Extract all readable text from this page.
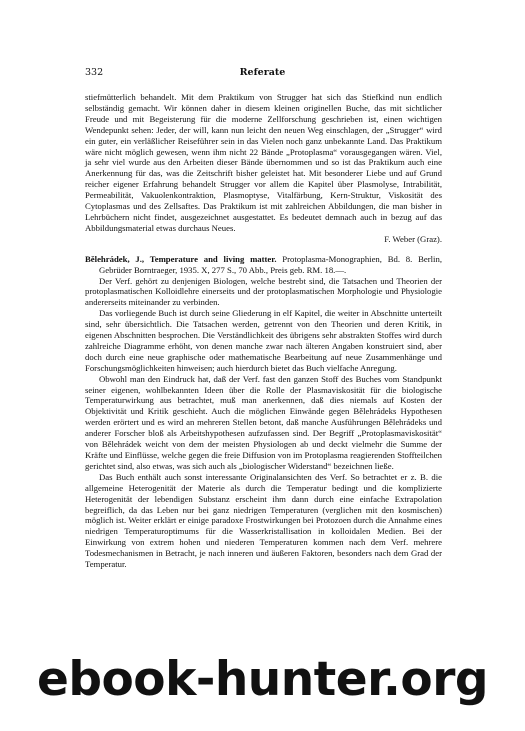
332	Referate

stiefmütterlich behandelt. Mit dem Praktikum von Strugger hat sich das Stiefkind nun endlich selbständig gemacht. Wir können daher in diesem kleinen originellen Buche, das mit sichtlicher Freude und mit Begeisterung für die moderne Zellforschung geschrieben ist, einen wichtigen Wendepunkt sehen: Jeder, der will, kann nun leicht den neuen Weg einschlagen, der „Strugger“ wird ein guter, ein verläßlicher Reiseführer sein in das Vielen noch ganz unbekannte Land. Das Praktikum wäre nicht möglich gewesen, wenn ihm nicht 22 Bände „Protoplasma“ vorausgegangen wären. Viel, ja sehr viel wurde aus den Arbeiten dieser Bände übernommen und so ist das Praktikum auch eine Anerkennung für das, was die Zeitschrift bisher geleistet hat. Mit besonderer Liebe und auf Grund reicher eigener Erfahrung behandelt Strugger vor allem die Kapitel über Plasmolyse, Intrabilität, Permeabilität, Vakuolenkontraktion, Plasmoptyse, Vitalfärbung, Kern-Struktur, Viskosität des Cytoplasmas und des Zellsaftes. Das Praktikum ist mit zahlreichen Abbildungen, die man bisher in Lehrbüchern nicht findet, ausgezeichnet ausgestattet. Es bedeutet demnach auch in bezug auf das Abbildungsmaterial etwas durchaus Neues.

F. Weber (Graz).

Bělehrádek, J., Temperature and living matter. Protoplasma-Monographien, Bd. 8. Berlin, Gebrüder Borntraeger, 1935. X, 277 S., 70 Abb., Preis geb. RM. 18.—.

Der Verf. gehört zu denjenigen Biologen, welche bestrebt sind, die Tatsachen und Theorien der protoplasmatischen Kolloidlehre einerseits und der protoplasmatischen Morphologie und Physiologie andererseits miteinander zu verbinden.

Das vorliegende Buch ist durch seine Gliederung in elf Kapitel, die weiter in Abschnitte unterteilt sind, sehr übersichtlich. Die Tatsachen werden, getrennt von den Theorien und deren Kritik, in eigenen Abschnitten besprochen. Die Verständlichkeit des übrigens sehr abstrakten Stoffes wird durch zahlreiche Diagramme erhöht, von denen manche zwar nach älteren Angaben konstruiert sind, aber doch durch eine neue graphische oder mathematische Bearbeitung auf neue Zusammenhänge und Forschungsmöglichkeiten hinweisen; auch hierdurch bietet das Buch vielfache Anregung.

Obwohl man den Eindruck hat, daß der Verf. fast den ganzen Stoff des Buches vom Standpunkt seiner eigenen, wohlbekannten Ideen über die Rolle der Plasmaviskosität für die biologische Temperaturwirkung aus betrachtet, muß man anerkennen, daß dies niemals auf Kosten der Objektivität und Kritik geschieht. Auch die möglichen Einwände gegen Bělehrádeks Hypothesen werden erörtert und es wird an mehreren Stellen betont, daß manche Ausführungen Bělehrádeks und anderer Forscher bloß als Arbeitshypothesen aufzufassen sind. Der Begriff „Protoplasmaviskosität“ von Bělehrádek weicht von dem der meisten Physiologen ab und deckt vielmehr die Summe der Kräfte und Einflüsse, welche gegen die freie Diffusion von im Protoplasma reagierenden Stoffteilchen gerichtet sind, also etwas, was sich auch als „biologischer Widerstand“ bezeichnen ließe.

Das Buch enthält auch sonst interessante Originalansichten des Verf. So betrachtet er z. B. die allgemeine Heterogenität der Materie als durch die Temperatur bedingt und die komplizierte Heterogenität der lebendigen Substanz erscheint ihm dann durch eine einfache Extrapolation begreiflich, da das Leben nur bei ganz niedrigen Temperaturen (verglichen mit den kosmischen) möglich ist. Weiter erklärt er einige paradoxe Frostwirkungen bei Protozoen durch die Annahme eines niedrigen Temperaturoptimums für die Wasserkristallisation in kolloidalen Medien. Bei der Einwirkung von extrem hohen und niederen Temperaturen kommen nach dem Verf. mehrere Todesmechanismen in Betracht, je nach inneren und äußeren Faktoren, besonders nach dem Grad der Temperatur.

ebook-hunter.org
